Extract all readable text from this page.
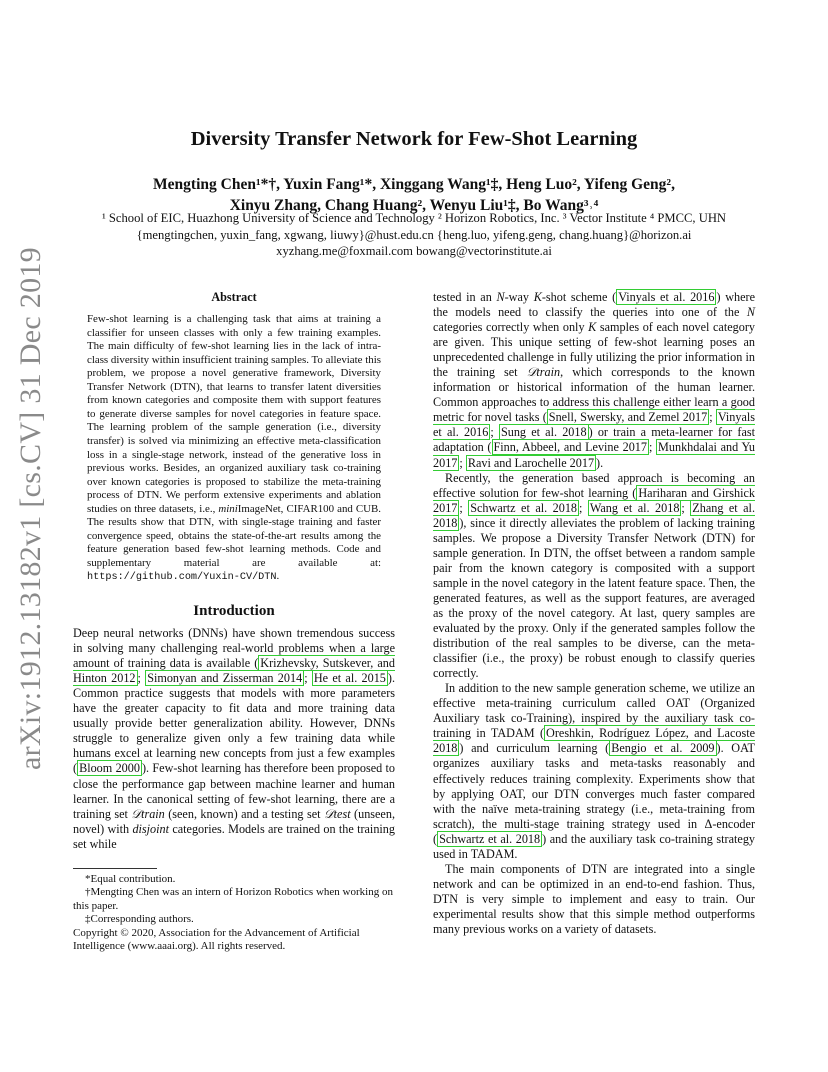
arXiv:1912.13182v1 [cs.CV] 31 Dec 2019
Diversity Transfer Network for Few-Shot Learning
Mengting Chen¹*†, Yuxin Fang¹*, Xinggang Wang¹‡, Heng Luo², Yifeng Geng²,
Xinyu Zhang, Chang Huang², Wenyu Liu¹‡, Bo Wang³˒⁴
¹ School of EIC, Huazhong University of Science and Technology ² Horizon Robotics, Inc. ³ Vector Institute ⁴ PMCC, UHN
{mengtingchen, yuxin_fang, xgwang, liuwy}@hust.edu.cn {heng.luo, yifeng.geng, chang.huang}@horizon.ai
xyzhang.me@foxmail.com bowang@vectorinstitute.ai
Abstract
Few-shot learning is a challenging task that aims at training a classifier for unseen classes with only a few training examples. The main difficulty of few-shot learning lies in the lack of intra-class diversity within insufficient training samples. To alleviate this problem, we propose a novel generative framework, Diversity Transfer Network (DTN), that learns to transfer latent diversities from known categories and composite them with support features to generate diverse samples for novel categories in feature space. The learning problem of the sample generation (i.e., diversity transfer) is solved via minimizing an effective meta-classification loss in a single-stage network, instead of the generative loss in previous works. Besides, an organized auxiliary task co-training over known categories is proposed to stabilize the meta-training process of DTN. We perform extensive experiments and ablation studies on three datasets, i.e., miniImageNet, CIFAR100 and CUB. The results show that DTN, with single-stage training and faster convergence speed, obtains the state-of-the-art results among the feature generation based few-shot learning methods. Code and supplementary material are available at: https://github.com/Yuxin-CV/DTN.
Introduction

Deep neural networks (DNNs) have shown tremendous success in solving many challenging real-world problems when a large amount of training data is available ( Krizhevsky, Sutskever, and Hinton 2012 ; Simonyan and Zisserman 2014 ; He et al. 2015 ). Common practice suggests that models with more parameters have the greater capacity to fit data and more training data usually provide better generalization ability. However, DNNs struggle to generalize given only a few training data while humans excel at learning new concepts from just a few examples ( Bloom 2000 ). Few-shot learning has therefore been proposed to close the performance gap between machine learner and human learner. In the canonical setting of few-shot learning, there are a training set 𝒟train (seen, known) and a testing set 𝒟test (unseen, novel) with disjoint categories. Models are trained on the training set while

*Equal contribution.

†Mengting Chen was an intern of Horizon Robotics when working on this paper.

‡Corresponding authors.

Copyright © 2020, Association for the Advancement of Artificial Intelligence (www.aaai.org). All rights reserved.

tested in an N-way K-shot scheme ( Vinyals et al. 2016 ) where the models need to classify the queries into one of the N categories correctly when only K samples of each novel category are given. This unique setting of few-shot learning poses an unprecedented challenge in fully utilizing the prior information in the training set 𝒟train, which corresponds to the known information or historical information of the human learner. Common approaches to address this challenge either learn a good metric for novel tasks ( Snell, Swersky, and Zemel 2017 ; Vinyals et al. 2016 ; Sung et al. 2018 ) or train a meta-learner for fast adaptation ( Finn, Abbeel, and Levine 2017 ; Munkhdalai and Yu 2017 ; Ravi and Larochelle 2017 ).

Recently, the generation based approach is becoming an effective solution for few-shot learning ( Hariharan and Girshick 2017 ; Schwartz et al. 2018 ; Wang et al. 2018 ; Zhang et al. 2018 ), since it directly alleviates the problem of lacking training samples. We propose a Diversity Transfer Network (DTN) for sample generation. In DTN, the offset between a random sample pair from the known category is composited with a support sample in the novel category in the latent feature space. Then, the generated features, as well as the support features, are averaged as the proxy of the novel category. At last, query samples are evaluated by the proxy. Only if the generated samples follow the distribution of the real samples to be diverse, can the meta-classifier (i.e., the proxy) be robust enough to classify queries correctly.

In addition to the new sample generation scheme, we utilize an effective meta-training curriculum called OAT (Organized Auxiliary task co-Training), inspired by the auxiliary task co-training in TADAM ( Oreshkin, Rodríguez López, and Lacoste 2018 ) and curriculum learning ( Bengio et al. 2009 ). OAT organizes auxiliary tasks and meta-tasks reasonably and effectively reduces training complexity. Experiments show that by applying OAT, our DTN converges much faster compared with the naïve meta-training strategy (i.e., meta-training from scratch), the multi-stage training strategy used in Δ-encoder ( Schwartz et al. 2018 ) and the auxiliary task co-training strategy used in TADAM.

The main components of DTN are integrated into a single network and can be optimized in an end-to-end fashion. Thus, DTN is very simple to implement and easy to train. Our experimental results show that this simple method outperforms many previous works on a variety of datasets.
